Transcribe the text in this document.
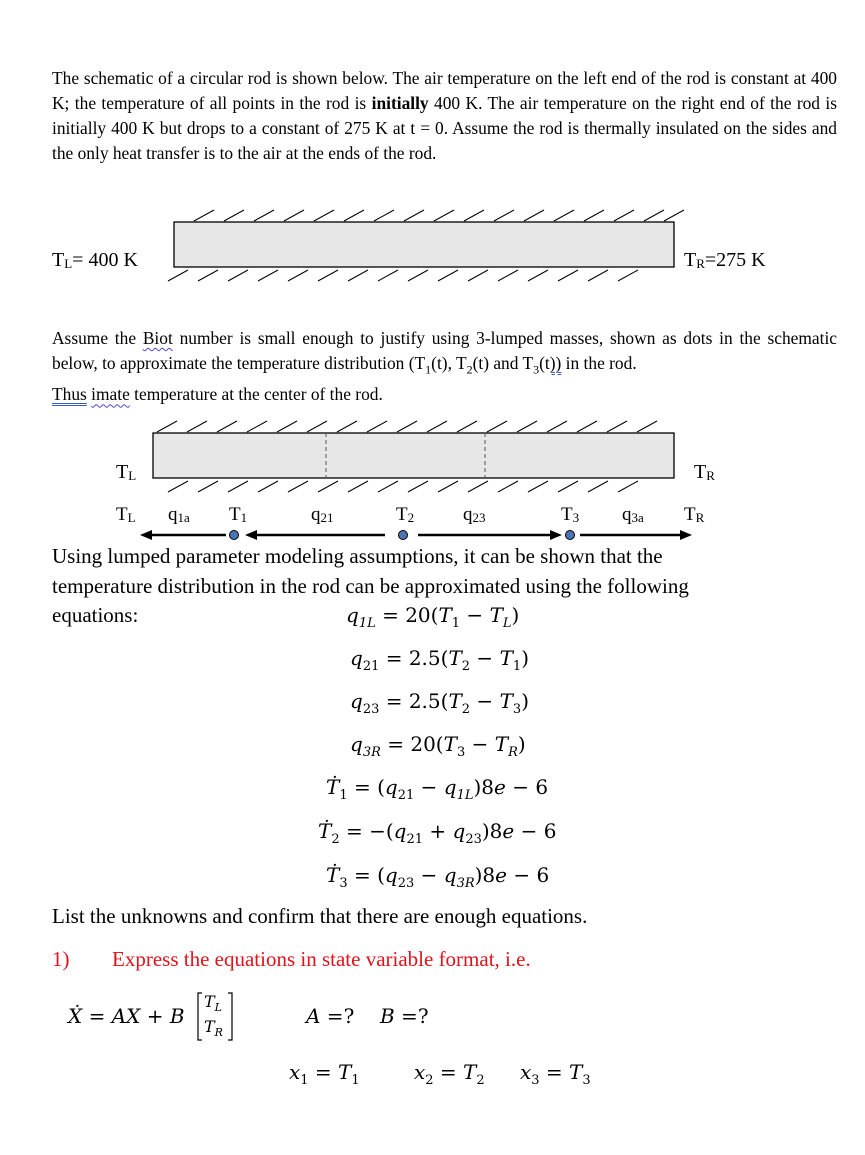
The schematic of a circular rod is shown below. The air temperature on the left end of the rod is constant at 400 K; the temperature of all points in the rod is initially 400 K. The air temperature on the right end of the rod is initially 400 K but drops to a constant of 275 K at t = 0. Assume the rod is thermally insulated on the sides and the only heat transfer is to the air at the ends of the rod.
$T_L= 400$ K	$T_R=275$ K
Assume the Biot number is small enough to justify using 3-lumped masses, shown as dots in the schematic below, to approximate the temperature distribution ($T_1(t)$, $T_2(t)$ and $T_3(t)$) in the rod.
Thus imate temperature at the center of the rod.
$T_L$	$T_R$
$T_L$ $q_{1a}$ $T_1$	$q_{21}$	$T_2$	$q_{23}$	$T_3$ $q_{3a}$ $T_R$
Using lumped parameter modeling assumptions, it can be shown that the
temperature distribution in the rod can be approximated using the following
equations:	$q_{1L} = 20(T_1 - T_L)$
$q_{21} = 2.5(T_2 - T_1)$
$q_{23} = 2.5(T_2 - T_3)$
$q_{3R} = 20(T_3 - T_R)$
$Ṫ_1 = (q_{21} - q_{1L})8e - 6$
$Ṫ_2 = -(q_{21} + q_{23})8e - 6$
$Ṫ_3 = (q_{23} - q_{3R})8e - 6$
List the unknowns and confirm that there are enough equations.
1) Express the equations in state variable format, i.e.
Ẋ = AX + B
$T_L$
$T_R$
A =? B =?
$x_1 = T_1$	$x_2 = T_2$ $x_3 = T_3$
